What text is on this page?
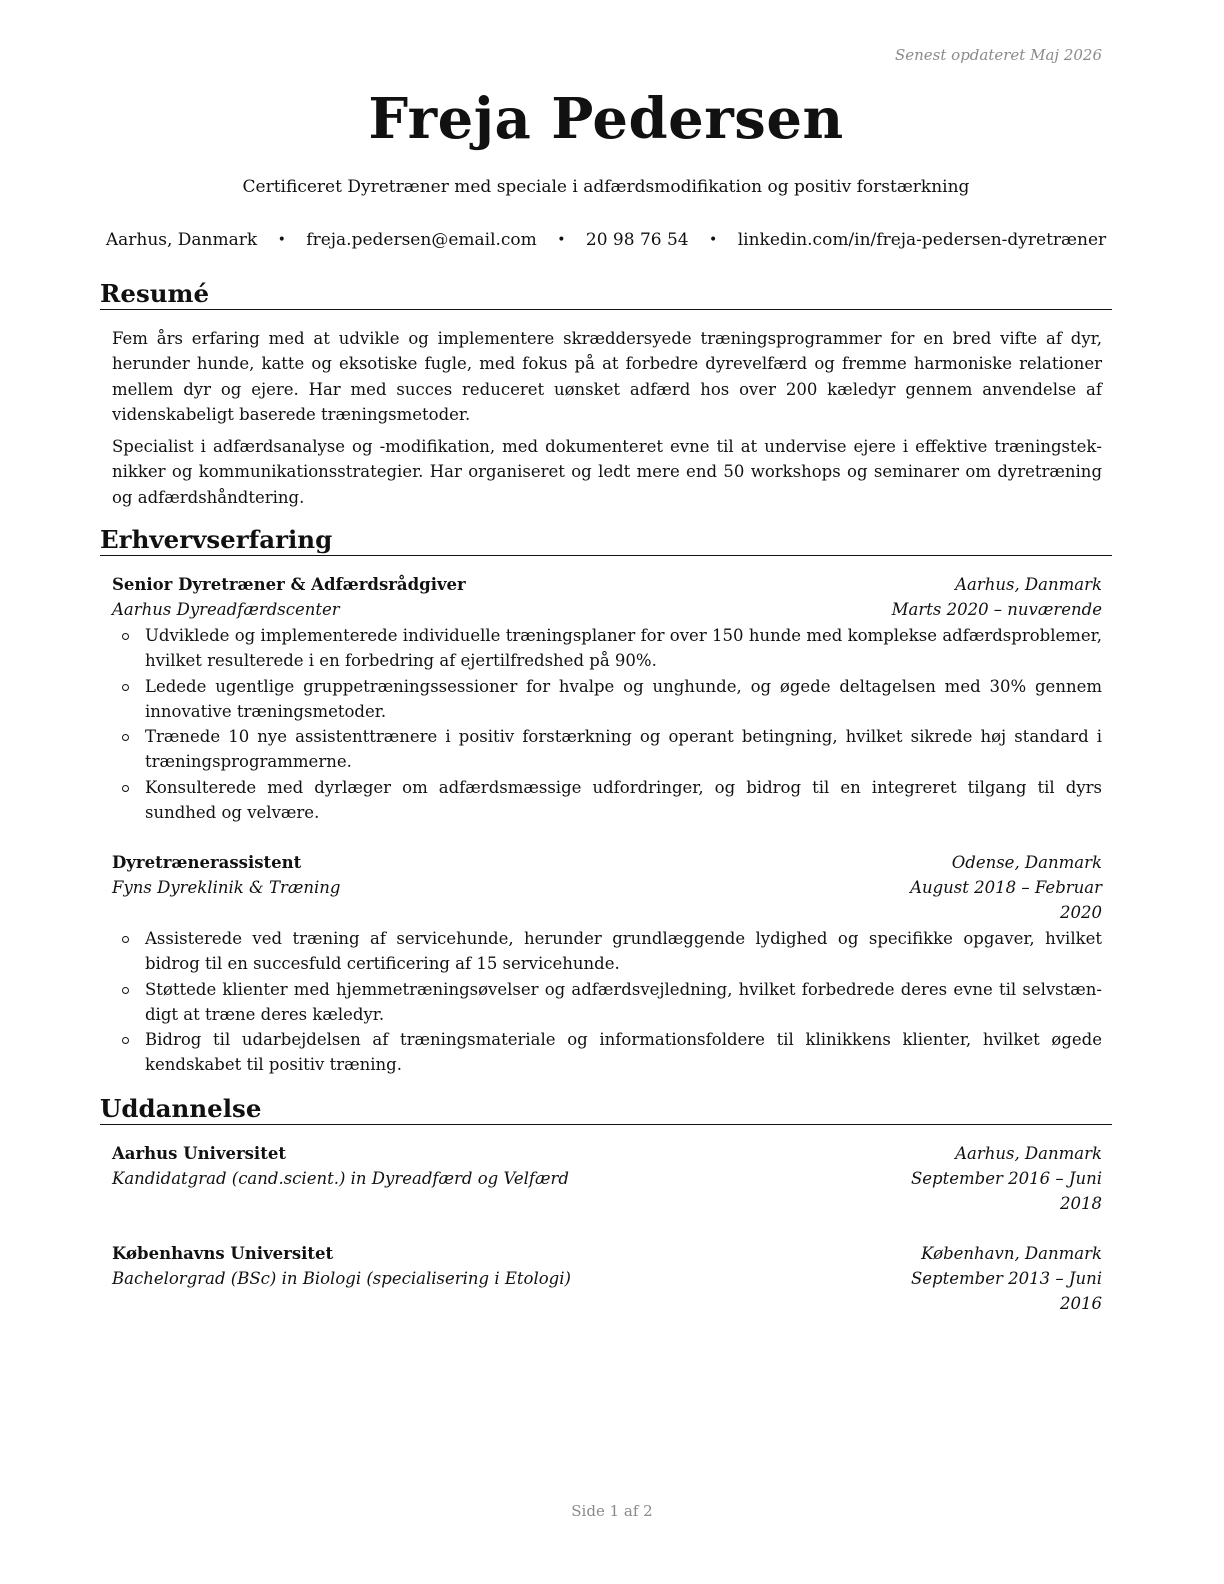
Senest opdateret Maj 2026
Freja Pedersen
Certificeret Dyretræner med speciale i adfærdsmodifikation og positiv forstærkning
Aarhus, Danmark • freja.pedersen@email.com • 20 98 76 54 • linkedin.com/in/freja-pedersen-dyretræner
Resumé
Fem års erfaring med at udvikle og implementere skræddersyede træningsprogrammer for en bred vifte af dyr, herunder hunde, katte og eksotiske fugle, med fokus på at forbedre dyrevelfærd og fremme harmoniske relationer mellem dyr og ejere. Har med succes reduceret uønsket adfærd hos over 200 kæledyr gennem anvendelse af videnskabeligt baserede træningsmetoder.
Specialist i adfærdsanalyse og -modifikation, med dokumenteret evne til at undervise ejere i effektive træningsteknikker og kommunikationsstrategier. Har organiseret og ledt mere end 50 workshops og seminarer om dyretræning og adfærdshåndtering.
Erhvervserfaring
Senior Dyretræner & Adfærdsrådgiver	Aarhus, Danmark
Aarhus Dyreadfærdscenter	Marts 2020 – nuværende
Udviklede og implementerede individuelle træningsplaner for over 150 hunde med komplekse adfærdsproblemer, hvilket resulterede i en forbedring af ejertilfredshed på 90%.
Ledede ugentlige gruppetræningssessioner for hvalpe og unghunde, og øgede deltagelsen med 30% gennem innovative træningsmetoder.
Trænede 10 nye assistenttrænere i positiv forstærkning og operant betingning, hvilket sikrede høj standard i træningsprogrammerne.
Konsulterede med dyrlæger om adfærdsmæssige udfordringer, og bidrog til en integreret tilgang til dyrs sundhed og velvære.
Dyretrænerassistent	Odense, Danmark
Fyns Dyreklinik & Træning	August 2018 – Februar
2020
Assisterede ved træning af servicehunde, herunder grundlæggende lydighed og specifikke opgaver, hvilket bidrog til en succesfuld certificering af 15 servicehunde.
Støttede klienter med hjemmetræningsøvelser og adfærdsvejledning, hvilket forbedrede deres evne til selvstændigt at træne deres kæledyr.
Bidrog til udarbejdelsen af træningsmateriale og informationsfoldere til klinikkens klienter, hvilket øgede kendskabet til positiv træning.
Uddannelse
Aarhus Universitet	Aarhus, Danmark
Kandidatgrad (cand.scient.) in Dyreadfærd og Velfærd	September 2016 – Juni
2018
Københavns Universitet	København, Danmark
Bachelorgrad (BSc) in Biologi (specialisering i Etologi)	September 2013 – Juni
2016
Side 1 af 2
